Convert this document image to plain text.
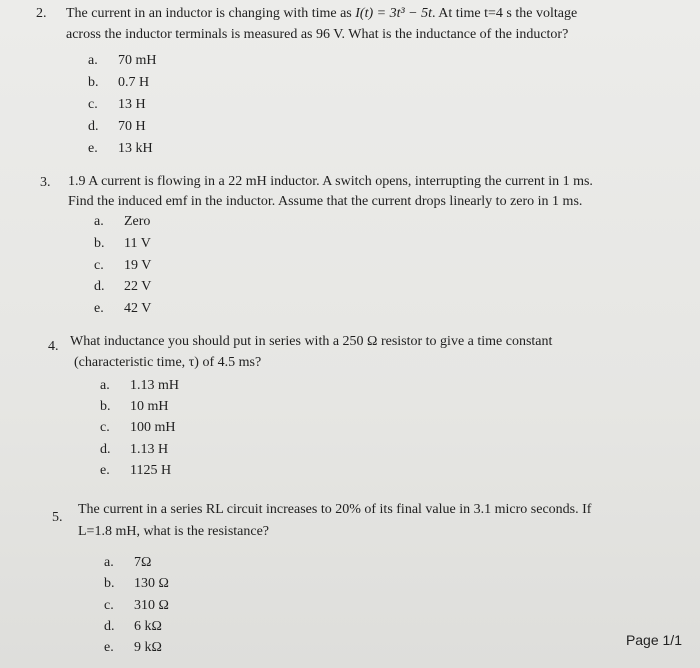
2. The current in an inductor is changing with time as I(t) = 3t³ − 5t. At time t=4 s the voltage
across the inductor terminals is measured as 96 V. What is the inductance of the inductor?
a. 70 mH
b. 0.7 H
c. 13 H
d. 70 H
e. 13 kH
3. 1.9 A current is flowing in a 22 mH inductor. A switch opens, interrupting the current in 1 ms.
Find the induced emf in the inductor. Assume that the current drops linearly to zero in 1 ms.
a. Zero
b. 11 V
c. 19 V
d. 22 V
e. 42 V
4. What inductance you should put in series with a 250 Ω resistor to give a time constant
(characteristic time, τ) of 4.5 ms?
a. 1.13 mH
b. 10 mH
c. 100 mH
d. 1.13 H
e. 1125 H
5.
The current in a series RL circuit increases to 20% of its final value in 3.1 micro seconds. If
L=1.8 mH, what is the resistance?
a. 7Ω
b. 130 Ω
c. 310 Ω
d. 6 kΩ
e. 9 kΩ	Page 1/1
